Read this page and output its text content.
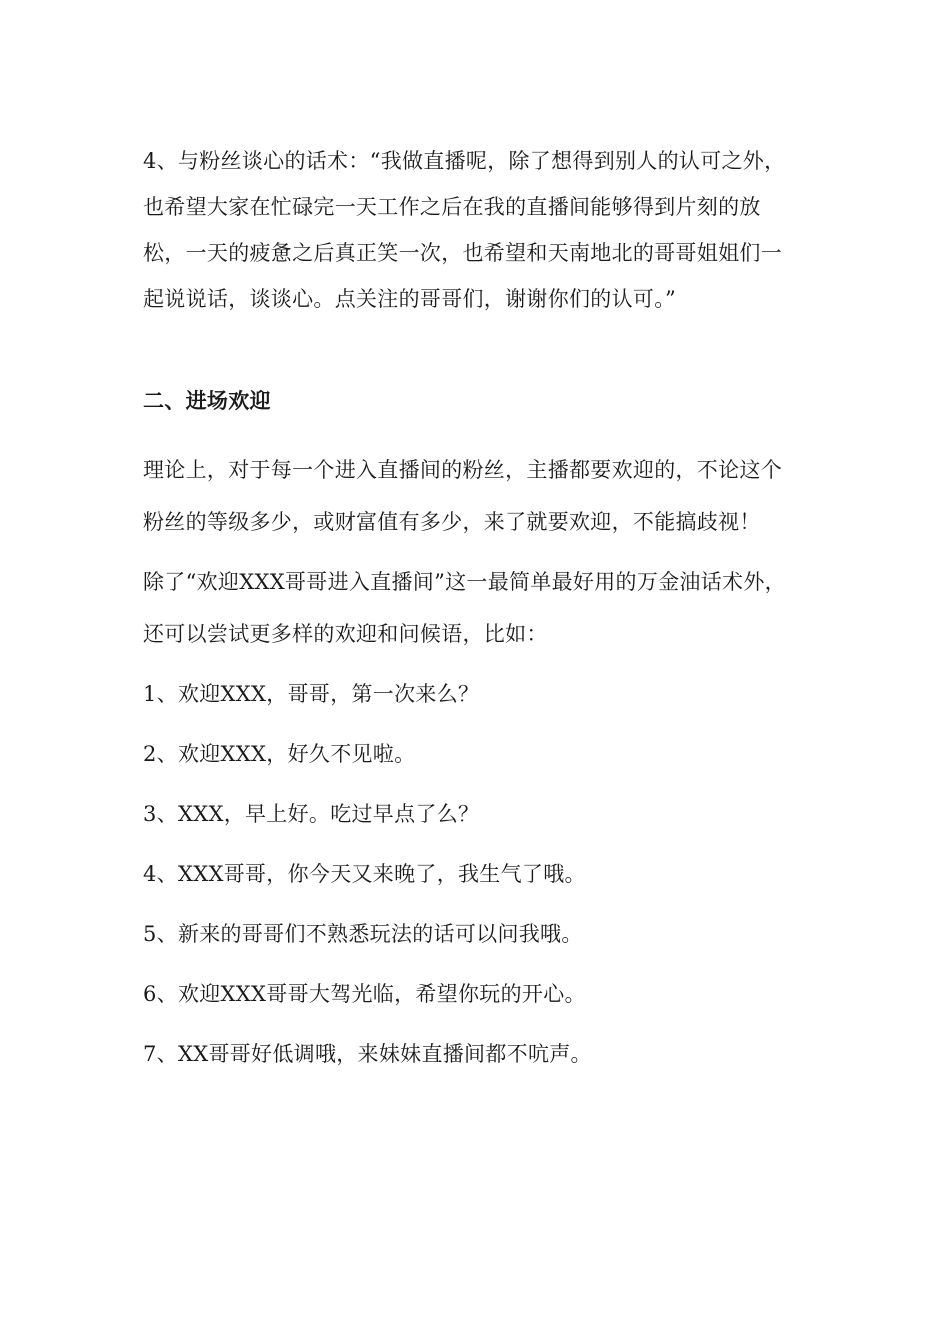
4、与粉丝谈心的话术：“我做直播呢，除了想得到别人的认可之外，也希望大家在忙碌完一天工作之后在我的直播间能够得到片刻的放松，一天的疲惫之后真正笑一次，也希望和天南地北的哥哥姐姐们一起说说话，谈谈心。点关注的哥哥们，谢谢你们的认可。”

二、进场欢迎

理论上，对于每一个进入直播间的粉丝，主播都要欢迎的，不论这个粉丝的等级多少，或财富值有多少，来了就要欢迎，不能搞歧视！

除了“欢迎XXX哥哥进入直播间”这一最简单最好用的万金油话术外，还可以尝试更多样的欢迎和问候语，比如：

1、欢迎XXX，哥哥，第一次来么？

2、欢迎XXX，好久不见啦。

3、XXX，早上好。吃过早点了么？

4、XXX哥哥，你今天又来晚了，我生气了哦。

5、新来的哥哥们不熟悉玩法的话可以问我哦。

6、欢迎XXX哥哥大驾光临，希望你玩的开心。

7、XX哥哥好低调哦，来妹妹直播间都不吭声。
